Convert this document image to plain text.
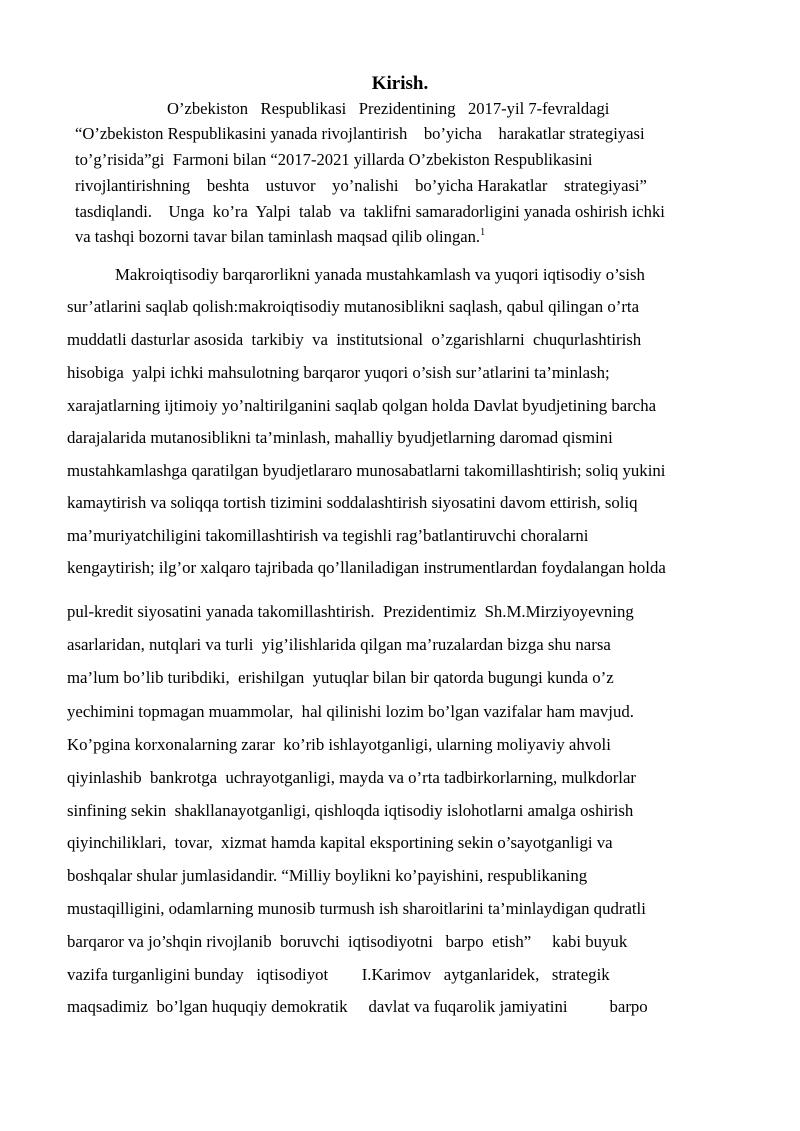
Kirish.

O’zbekiston   Respublikasi   Prezidentining   2017-yil 7-fevraldagi

“O’zbekiston Respublikasini yanada rivojlantirish    bo’yicha    harakatlar strategiyasi

to’g’risida”gi  Farmoni bilan “2017-2021 yillarda O’zbekiston Respublikasini

rivojlantirishning    beshta    ustuvor    yo’nalishi    bo’yicha Harakatlar    strategiyasi”

tasdiqlandi.    Unga  ko’ra  Yalpi  talab  va  taklifni samaradorligini yanada oshirish ichki

va tashqi bozorni tavar bilan taminlash maqsad qilib olingan.$^1$

Makroiqtisodiy barqarorlikni yanada mustahkamlash va yuqori iqtisodiy o’sish

sur’atlarini saqlab qolish:makroiqtisodiy mutanosiblikni saqlash, qabul qilingan o’rta

muddatli dasturlar asosida  tarkibiy  va  institutsional  o’zgarishlarni  chuqurlashtirish

hisobiga  yalpi ichki mahsulotning barqaror yuqori o’sish sur’atlarini ta’minlash;

xarajatlarning ijtimoiy yo’naltirilganini saqlab qolgan holda Davlat byudjetining barcha

darajalarida mutanosiblikni ta’minlash, mahalliy byudjetlarning daromad qismini

mustahkamlashga qaratilgan byudjetlararo munosabatlarni takomillashtirish; soliq yukini

kamaytirish va soliqqa tortish tizimini soddalashtirish siyosatini davom ettirish, soliq

ma’muriyatchiligini takomillashtirish va tegishli rag’batlantiruvchi choralarni

kengaytirish; ilg’or xalqaro tajribada qo’llaniladigan instrumentlardan foydalangan holda

pul-kredit siyosatini yanada takomillashtirish.  Prezidentimiz  Sh.M.Mirziyoyevning

asarlaridan, nutqlari va turli  yig’ilishlarida qilgan ma’ruzalardan bizga shu narsa

ma’lum bo’lib turibdiki,  erishilgan  yutuqlar bilan bir qatorda bugungi kunda o’z

yechimini topmagan muammolar,  hal qilinishi lozim bo’lgan vazifalar ham mavjud.

Ko’pgina korxonalarning zarar  ko’rib ishlayotganligi, ularning moliyaviy ahvoli

qiyinlashib  bankrotga  uchrayotganligi, mayda va o’rta tadbirkorlarning, mulkdorlar

sinfining sekin  shakllanayotganligi, qishloqda iqtisodiy islohotlarni amalga oshirish

qiyinchiliklari,  tovar,  xizmat hamda kapital eksportining sekin o’sayotganligi va

boshqalar shular jumlasidandir. “Milliy boylikni ko’payishini, respublikaning

mustaqilligini, odamlarning munosib turmush ish sharoitlarini ta’minlaydigan qudratli

barqaror va jo’shqin rivojlanib  boruvchi  iqtisodiyotni   barpo  etish”     kabi buyuk

vazifa turganligini bunday   iqtisodiyot        I.Karimov   aytganlaridek,   strategik

maqsadimiz  bo’lgan huquqiy demokratik     davlat va fuqarolik jamiyatini          barpo
